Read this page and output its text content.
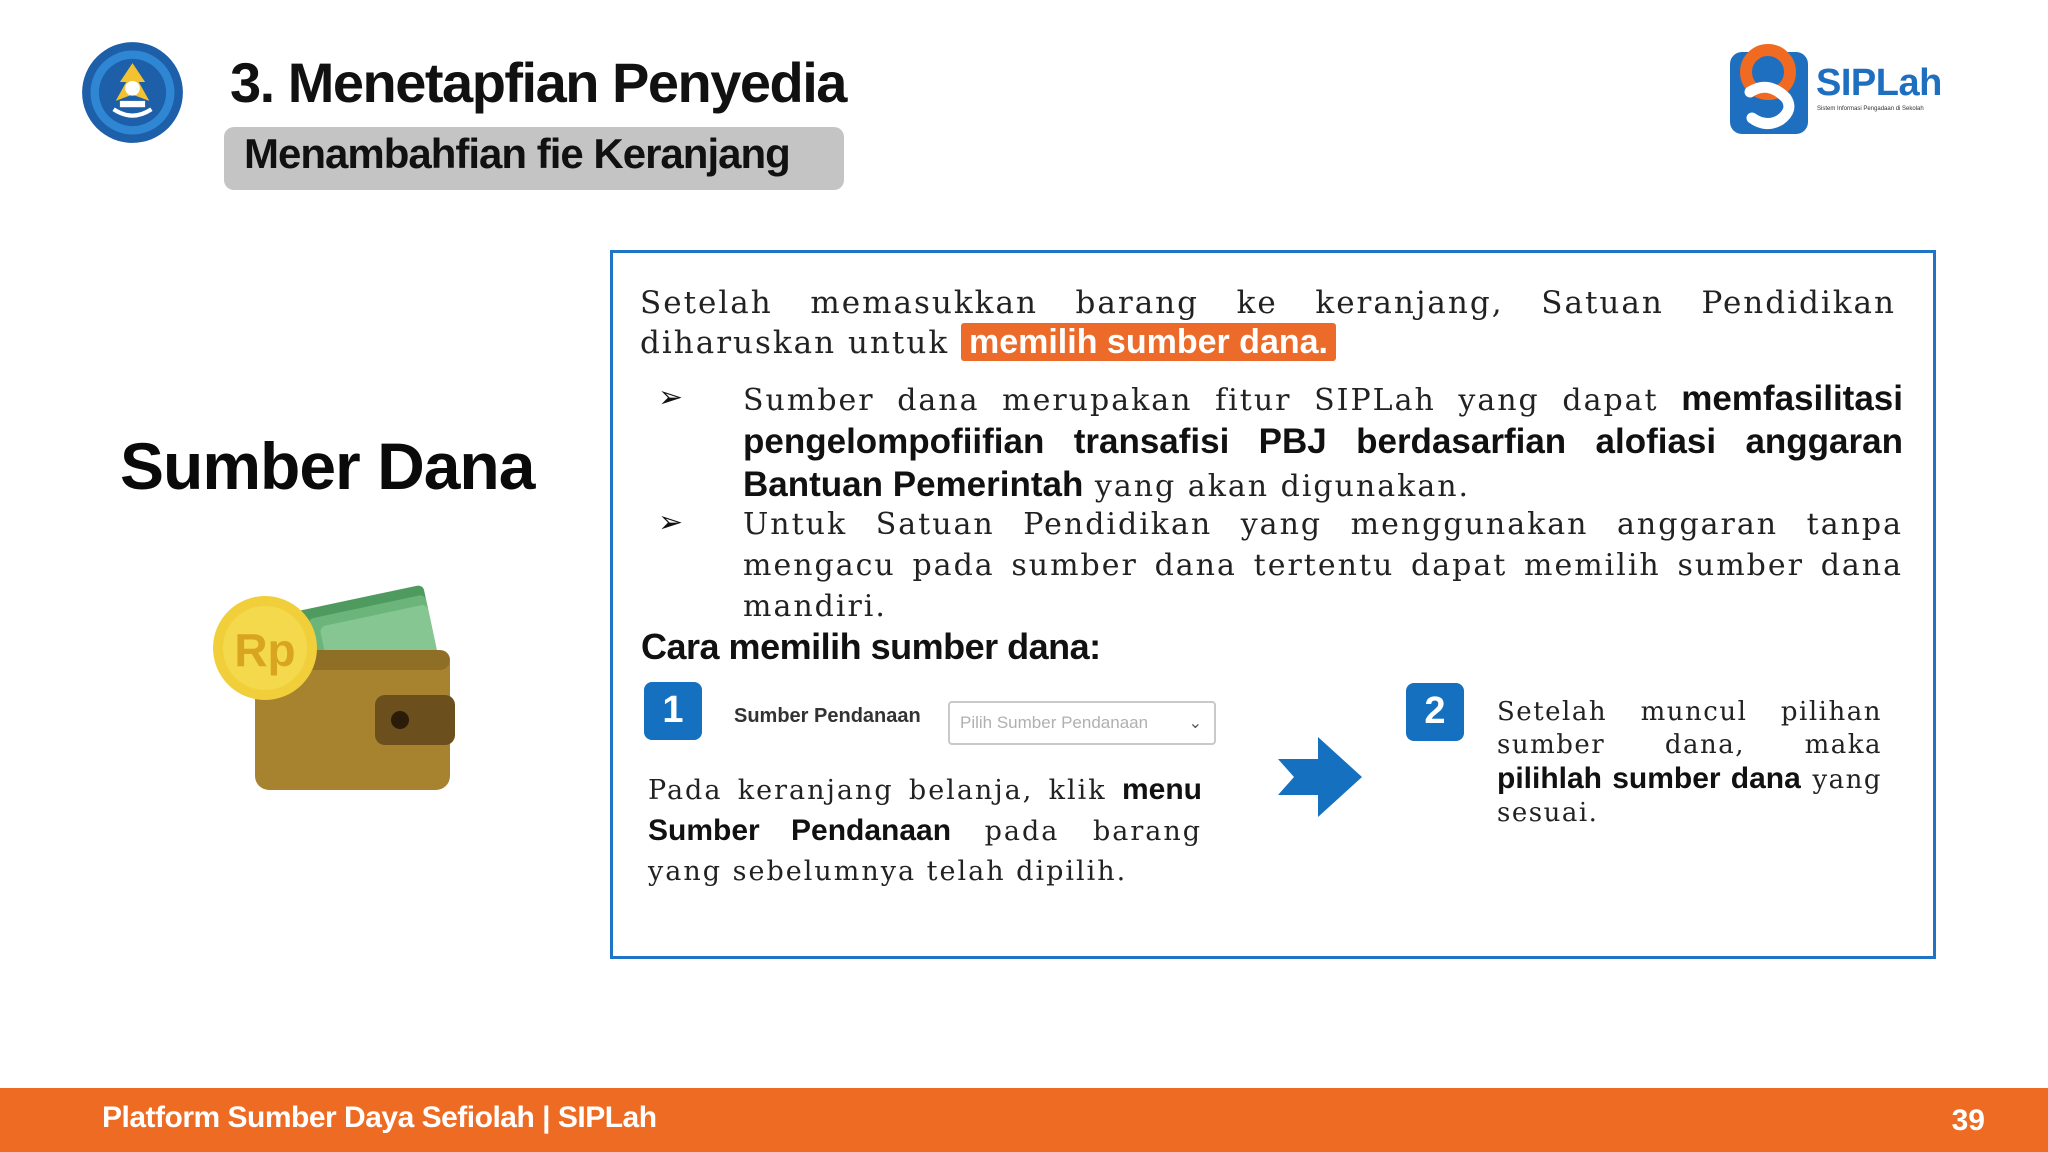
3. Menetapfian Penyedia
Menambahfian fie Keranjang
SIPLah
Sistem Informasi Pengadaan di Sekolah
Sumber Dana
Rp
Setelah memasukkan barang ke keranjang, Satuan Pendidikan diharuskan untuk memilih sumber dana.
➢ Sumber dana merupakan fitur SIPLah yang dapat memfasilitasi pengelompofiifian transafisi PBJ berdasarfian alofiasi anggaran Bantuan Pemerintah yang akan digunakan.
➢ Untuk Satuan Pendidikan yang menggunakan anggaran tanpa mengacu pada sumber dana tertentu dapat memilih sumber dana mandiri.
Cara memilih sumber dana:
1	Sumber Pendanaan Pilih Sumber Pendanaan	⌄
Pada keranjang belanja, klik menu Sumber Pendanaan pada barang yang sebelumnya telah dipilih.
2	Setelah muncul pilihan sumber dana, maka pilihlah sumber dana yang sesuai.
Platform Sumber Daya Sefiolah | SIPLah	39
